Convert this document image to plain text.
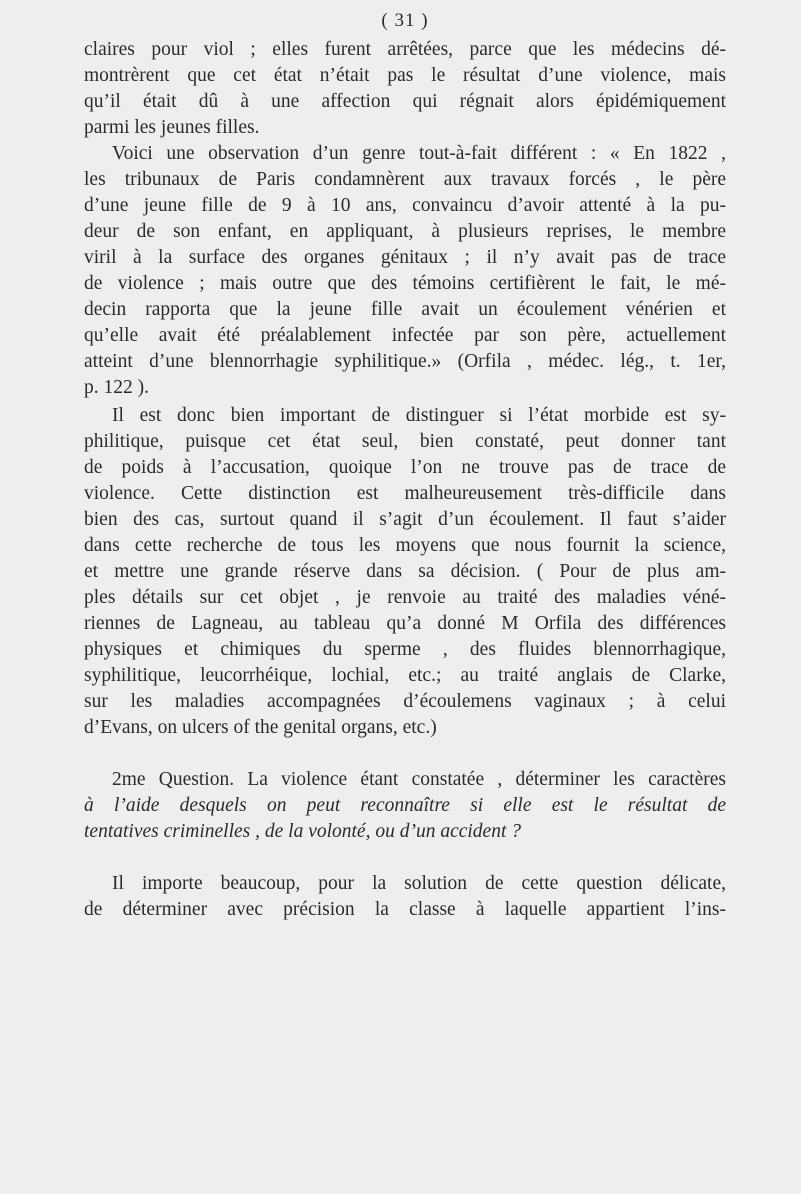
( 31 )
claires pour viol ; elles furent arrêtées, parce que les médecins dé-
montrèrent que cet état n’était pas le résultat d’une violence, mais
qu’il était dû à une affection qui régnait alors épidémiquement
parmi les jeunes filles.
Voici une observation d’un genre tout-à-fait différent : « En 1822 ,
les tribunaux de Paris condamnèrent aux travaux forcés , le père
d’une jeune fille de 9 à 10 ans, convaincu d’avoir attenté à la pu-
deur de son enfant, en appliquant, à plusieurs reprises, le membre
viril à la surface des organes génitaux ; il n’y avait pas de trace
de violence ; mais outre que des témoins certifièrent le fait, le mé-
decin rapporta que la jeune fille avait un écoulement vénérien et
qu’elle avait été préalablement infectée par son père, actuellement
atteint d’une blennorrhagie syphilitique.» (Orfila , médec. lég., t. 1er,
p. 122 ).
Il est donc bien important de distinguer si l’état morbide est sy-
philitique, puisque cet état seul, bien constaté, peut donner tant
de poids à l’accusation, quoique l’on ne trouve pas de trace de
violence. Cette distinction est malheureusement très-difficile dans
bien des cas, surtout quand il s’agit d’un écoulement. Il faut s’aider
dans cette recherche de tous les moyens que nous fournit la science,
et mettre une grande réserve dans sa décision. ( Pour de plus am-
ples détails sur cet objet , je renvoie au traité des maladies véné-
riennes de Lagneau, au tableau qu’a donné M Orfila des différences
physiques et chimiques du sperme , des fluides blennorrhagique,
syphilitique, leucorrhéique, lochial, etc.; au traité anglais de Clarke,
sur les maladies accompagnées d’écoulemens vaginaux ; à celui
d’Evans, on ulcers of the genital organs, etc.)
2me Question. La violence étant constatée , déterminer les caractères
à l’aide desquels on peut reconnaître si elle est le résultat de
tentatives criminelles , de la volonté, ou d’un accident ?
Il importe beaucoup, pour la solution de cette question délicate,
de déterminer avec précision la classe à laquelle appartient l’ins-
